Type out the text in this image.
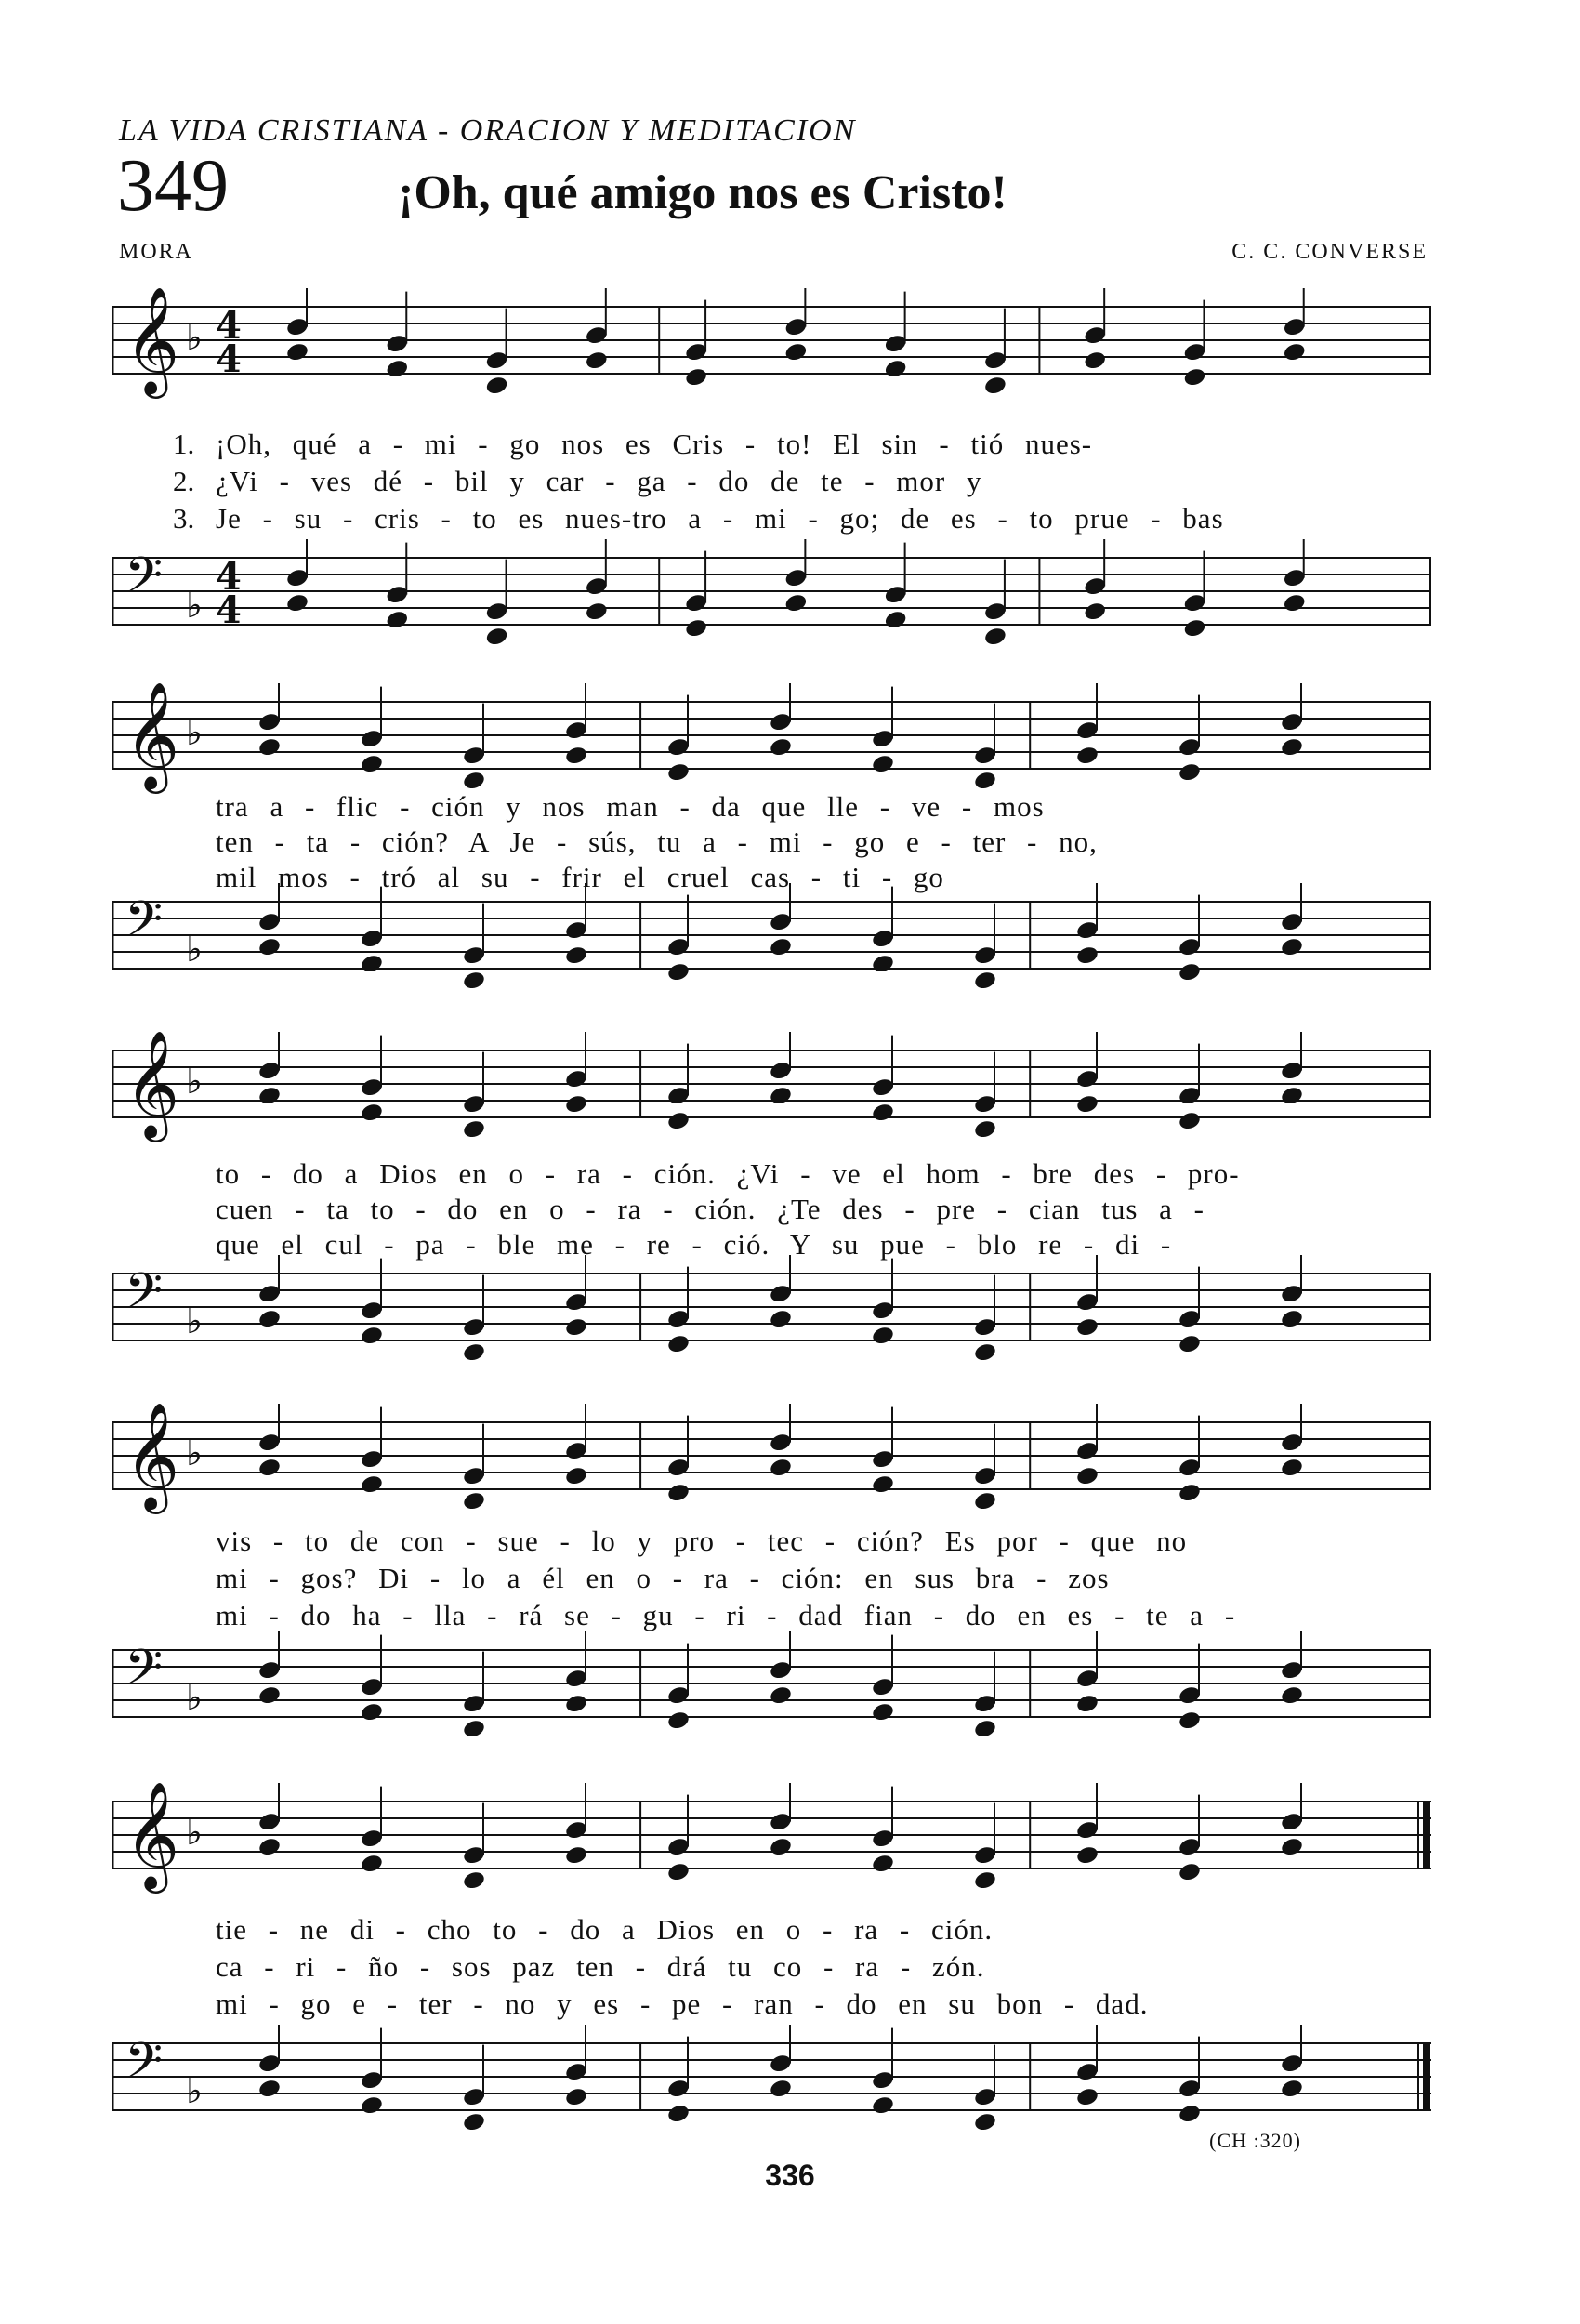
LA VIDA CRISTIANA - ORACION Y MEDITACION
349	¡Oh, qué amigo nos es Cristo!
MORA	C. C. CONVERSE
𝄞 ♭ 4
4
1. ¡Oh, qué a - mi - go nos es Cris - to! El sin - tió nues-
2. ¿Vi - ves dé - bil y car - ga - do de te - mor y
3. Je - su - cris - to es nues-tro a - mi - go; de es - to prue - bas
𝄢 ♭
4
4
𝄞 ♭
tra a - flic - ción y nos man - da que lle - ve - mos
ten - ta - ción? A Je - sús, tu a - mi - go e - ter - no,
mil mos - tró al su - frir el cruel cas - ti - go
𝄢 ♭
𝄞 ♭
to - do a Dios en o - ra - ción. ¿Vi - ve el hom - bre des - pro-
cuen - ta to - do en o - ra - ción. ¿Te des - pre - cian tus a -
que el cul - pa - ble me - re - ció. Y su pue - blo re - di -
𝄢 ♭
𝄞 ♭
vis - to de con - sue - lo y pro - tec - ción? Es por - que no
mi - gos? Di - lo a él en o - ra - ción: en sus bra - zos
mi - do ha - lla - rá se - gu - ri - dad fian - do en es - te a -
𝄢 ♭
𝄞 ♭
tie - ne di - cho to - do a Dios en o - ra - ción.
ca - ri - ño - sos paz ten - drá tu co - ra - zón.
mi - go e - ter - no y es - pe - ran - do en su bon - dad.
𝄢 ♭
(CH :320)
336
